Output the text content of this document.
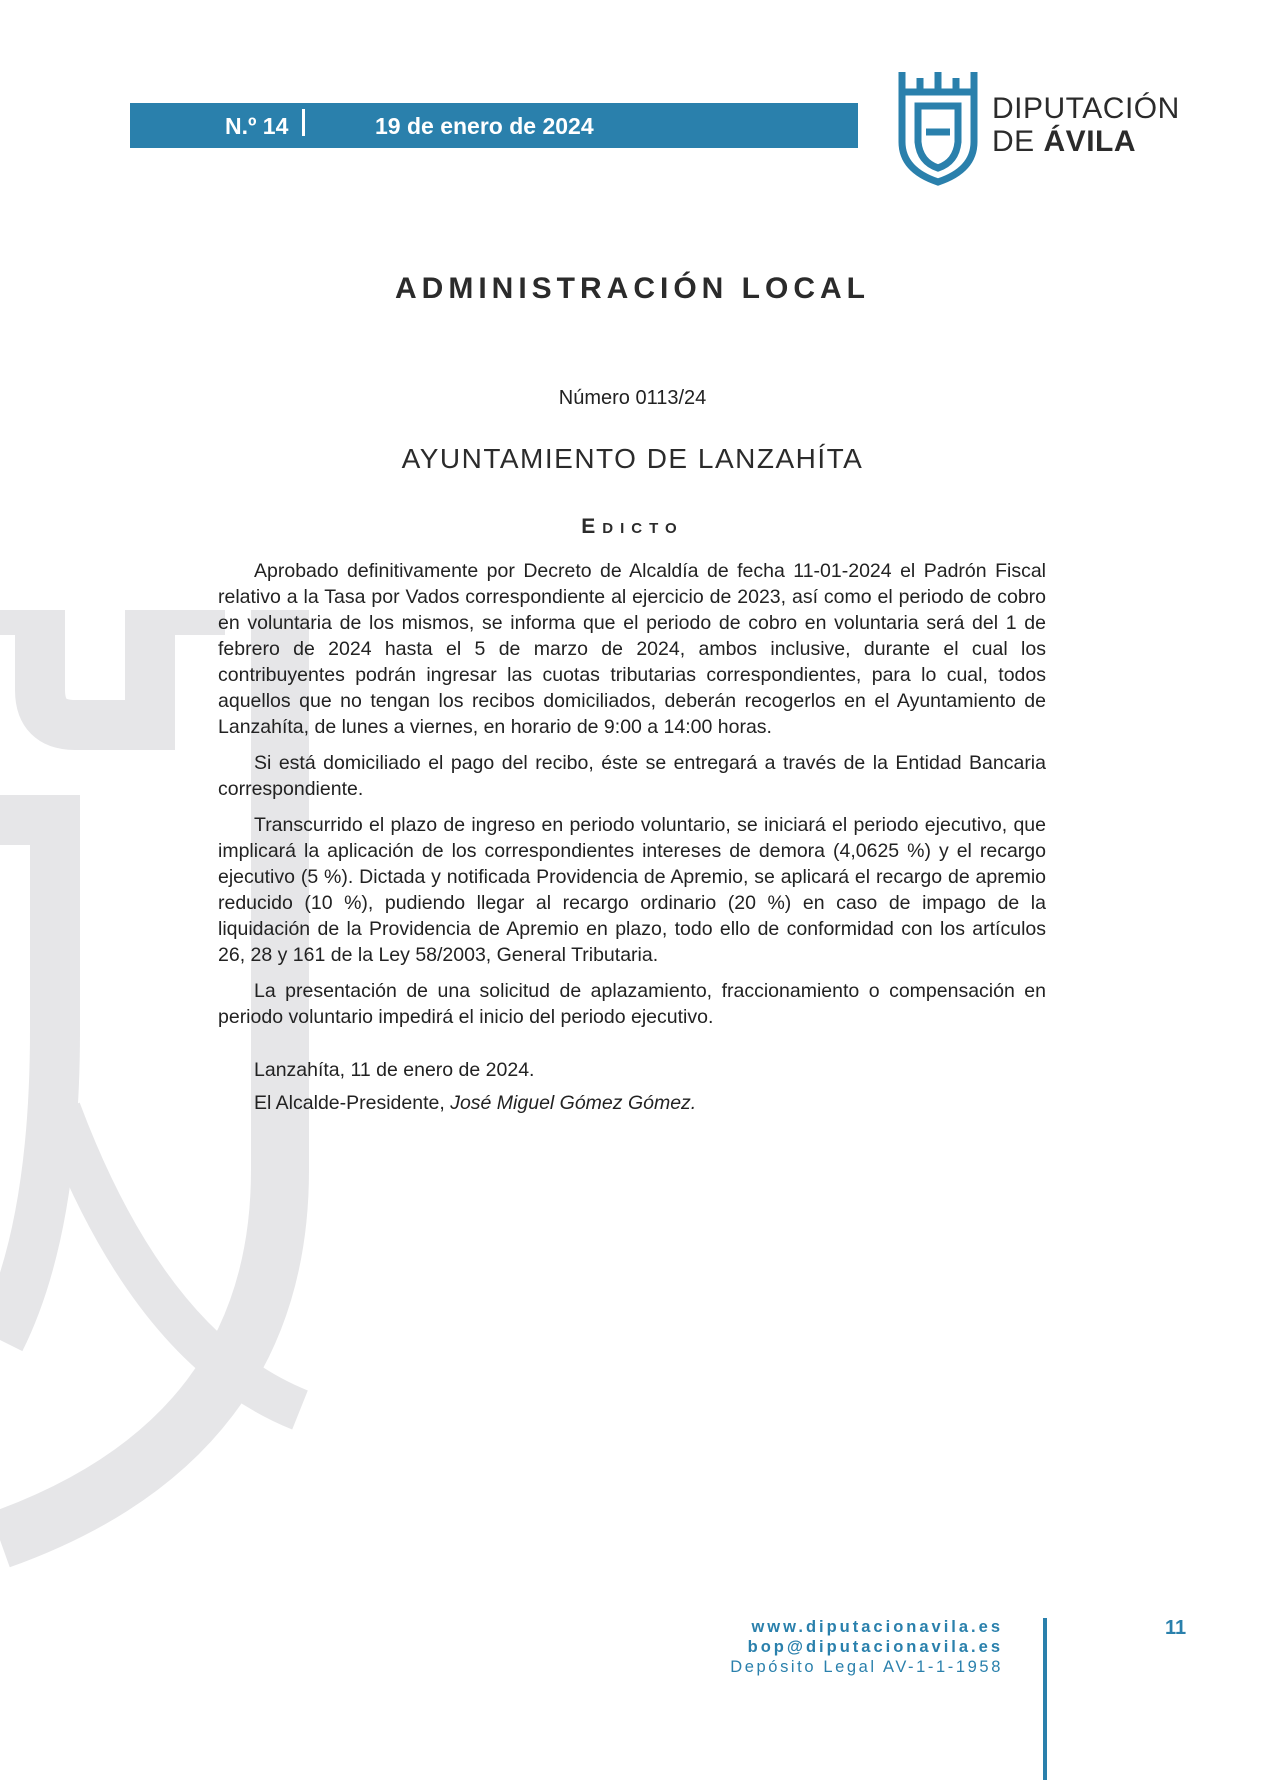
N.º 14	19 de enero de 2024
DIPUTACIÓN
DE ÁVILA
ADMINISTRACIÓN LOCAL
Número 0113/24
AYUNTAMIENTO DE LANZAHÍTA
Edicto

Aprobado definitivamente por Decreto de Alcaldía de fecha 11-01-2024 el Padrón Fiscal relativo a la Tasa por Vados correspondiente al ejercicio de 2023, así como el periodo de cobro en voluntaria de los mismos, se informa que el periodo de cobro en voluntaria será del 1 de febrero de 2024 hasta el 5 de marzo de 2024, ambos inclusive, durante el cual los contribuyentes podrán ingresar las cuotas tributarias correspondientes, para lo cual, todos aquellos que no tengan los recibos domiciliados, deberán recogerlos en el Ayuntamiento de Lanzahíta, de lunes a viernes, en horario de 9:00 a 14:00 horas.

Si está domiciliado el pago del recibo, éste se entregará a través de la Entidad Bancaria correspondiente.

Transcurrido el plazo de ingreso en periodo voluntario, se iniciará el periodo ejecutivo, que implicará la aplicación de los correspondientes intereses de demora (4,0625 %) y el recargo ejecutivo (5 %). Dictada y notificada Providencia de Apremio, se aplicará el recargo de apremio reducido (10 %), pudiendo llegar al recargo ordinario (20 %) en caso de impago de la liquidación de la Providencia de Apremio en plazo, todo ello de conformidad con los artículos 26, 28 y 161 de la Ley 58/2003, General Tributaria.

La presentación de una solicitud de aplazamiento, fraccionamiento o compensación en periodo voluntario impedirá el inicio del periodo ejecutivo.

Lanzahíta, 11 de enero de 2024.
El Alcalde-Presidente, José Miguel Gómez Gómez.
www.diputacionavila.es
bop@diputacionavila.es
Depósito Legal AV-1-1-1958
11
